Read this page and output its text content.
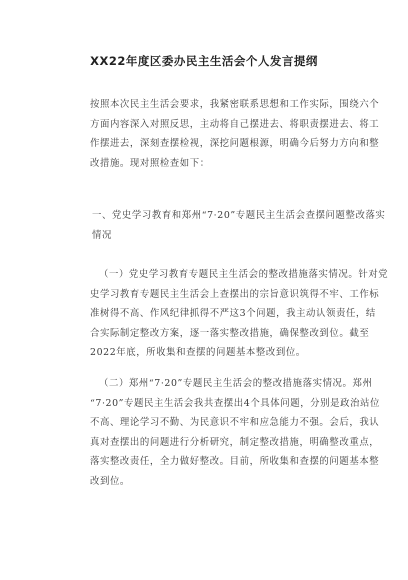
XX22年度区委办民主生活会个人发言提纲

按照本次民主生活会要求，我紧密联系思想和工作实际，围绕六个
方面内容深入对照反思，主动将自己摆进去、将职责摆进去、将工
作摆进去，深刻查摆检视，深挖问题根源，明确今后努力方向和整
改措施。现对照检查如下：

一、党史学习教育和郑州“7·20”专题民主生活会查摆问题整改落实
情况

（一）党史学习教育专题民主生活会的整改措施落实情况。针对党
史学习教育专题民主生活会上查摆出的宗旨意识筑得不牢、工作标
准树得不高、作风纪律抓得不严这3个问题，我主动认领责任，结
合实际制定整改方案，逐一落实整改措施，确保整改到位。截至
2022年底，所收集和查摆的问题基本整改到位。

（二）郑州“7·20”专题民主生活会的整改措施落实情况。郑州
“7·20”专题民主生活会我共查摆出4个具体问题，分别是政治站位
不高、理论学习不勤、为民意识不牢和应急能力不强。会后，我认
真对查摆出的问题进行分析研究，制定整改措施，明确整改重点，
落实整改责任，全力做好整改。目前，所收集和查摆的问题基本整
改到位。
